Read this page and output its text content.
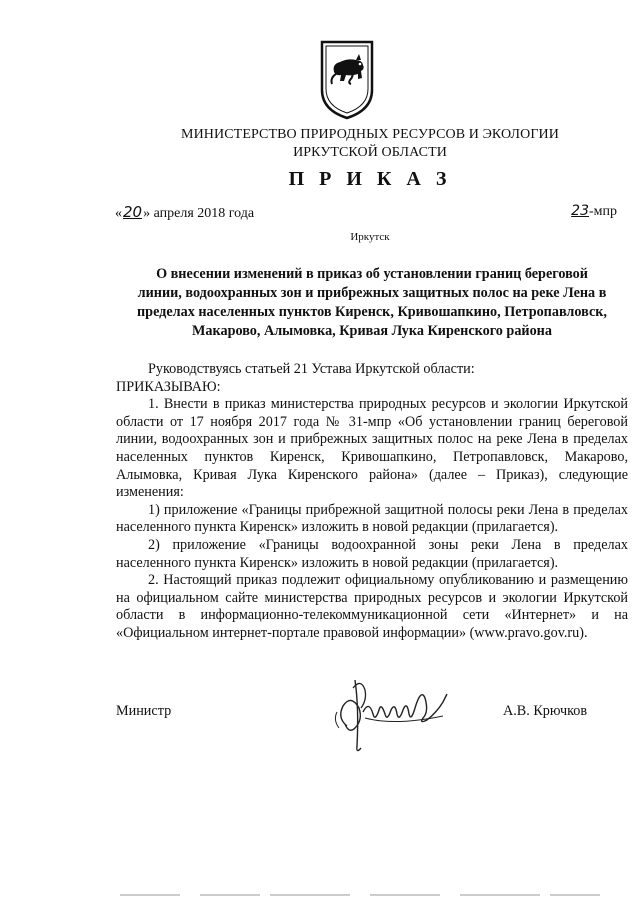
МИНИСТЕРСТВО ПРИРОДНЫХ РЕСУРСОВ И ЭКОЛОГИИ
ИРКУТСКОЙ ОБЛАСТИ
П Р И К А З
«20» апреля 2018 года	23-мпр
Иркутск
О внесении изменений в приказ об установлении границ береговой
линии, водоохранных зон и прибрежных защитных полос на реке Лена в
пределах населенных пунктов Киренск, Кривошапкино, Петропавловск,
Макарово, Алымовка, Кривая Лука Киренского района

Руководствуясь статьей 21 Устава Иркутской области:

ПРИКАЗЫВАЮ:

1. Внести в приказ министерства природных ресурсов и экологии Иркутской области от 17 ноября 2017 года № 31-мпр «Об установлении границ береговой линии, водоохранных зон и прибрежных защитных полос на реке Лена в пределах населенных пунктов Киренск, Кривошапкино, Петропавловск, Макарово, Алымовка, Кривая Лука Киренского района» (далее – Приказ), следующие изменения:

1) приложение «Границы прибрежной защитной полосы реки Лена в пределах населенного пункта Киренск» изложить в новой редакции (прилагается).

2) приложение «Границы водоохранной зоны реки Лена в пределах населенного пункта Киренск» изложить в новой редакции (прилагается).

2. Настоящий приказ подлежит официальному опубликованию и размещению на официальном сайте министерства природных ресурсов и экологии Иркутской области в информационно-телекоммуникационной сети «Интернет» и на «Официальном интернет-портале правовой информации» (www.pravo.gov.ru).

Министр	А.В. Крючков
